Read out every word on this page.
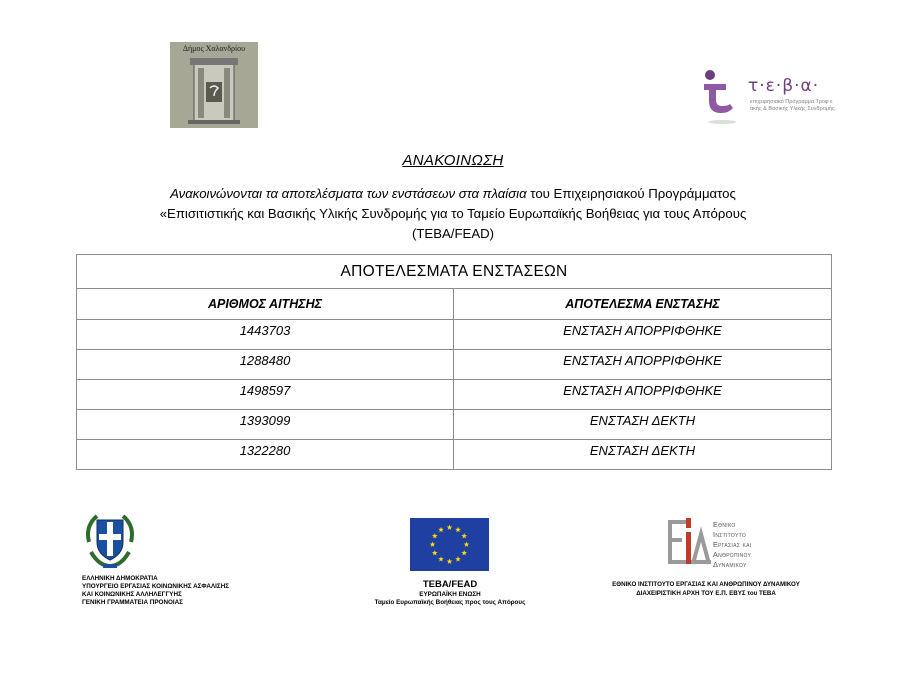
Δήμος Χαλανδρίου
τ·ε·β·α·
επιχειρησιακό Πρόγραμμα Τροφ ε ακής & Βασικής Υλικής Συνδρομής
ΑΝΑΚΟΙΝΩΣΗ
Ανακοινώνονται τα αποτελέσματα των ενστάσεων στα πλαίσια του Επιχειρησιακού Προγράμματος
«Επισιτιστικής και Βασικής Υλικής Συνδρομής για το Ταμείο Ευρωπαϊκής Βοήθειας για τους Απόρους
(ΤΕΒΑ/FEAD)
ΑΠΟΤΕΛΕΣΜΑΤΑ ΕΝΣΤΑΣΕΩΝ	
ΑΡΙΘΜΟΣ ΑΙΤΗΣΗΣ	ΑΠΟΤΕΛΕΣΜΑ ΕΝΣΤΑΣΗΣ
1443703	ΕΝΣΤΑΣΗ ΑΠΟΡΡΙΦΘΗΚΕ
1288480	ΕΝΣΤΑΣΗ ΑΠΟΡΡΙΦΘΗΚΕ
1498597	ΕΝΣΤΑΣΗ ΑΠΟΡΡΙΦΘΗΚΕ
1393099	ΕΝΣΤΑΣΗ ΔΕΚΤΗ
1322280	ΕΝΣΤΑΣΗ ΔΕΚΤΗ
ΕΛΛΗΝΙΚΗ ΔΗΜΟΚΡΑΤΙΑ
ΥΠΟΥΡΓΕΙΟ ΕΡΓΑΣΙΑΣ ΚΟΙΝΩΝΙΚΗΣ ΑΣΦΑΛΙΣΗΣ
ΚΑΙ ΚΟΙΝΩΝΙΚΗΣ ΑΛΛΗΛΕΓΓΥΗΣ
ΓΕΝΙΚΗ ΓΡΑΜΜΑΤΕΙΑ ΠΡΟΝΟΙΑΣ
ΤΕΒΑ/FEAD
ΕΥΡΩΠΑΪΚΗ ΕΝΩΣΗ
Ταμείο Ευρωπαϊκής Βοήθειας προς τους Απόρους
Εθνικο
Ινστιτουτο
Εργασιας και
Ανθρωπινου
Δυναμικου
ΕΘΝΙΚΟ ΙΝΣΤΙΤΟΥΤΟ ΕΡΓΑΣΙΑΣ ΚΑΙ ΑΝΘΡΩΠΙΝΟΥ ΔΥΝΑΜΙΚΟΥ
ΔΙΑΧΕΙΡΙΣΤΙΚΗ ΑΡΧΗ ΤΟΥ Ε.Π. ΕΒΥΣ του ΤΕΒΑ
